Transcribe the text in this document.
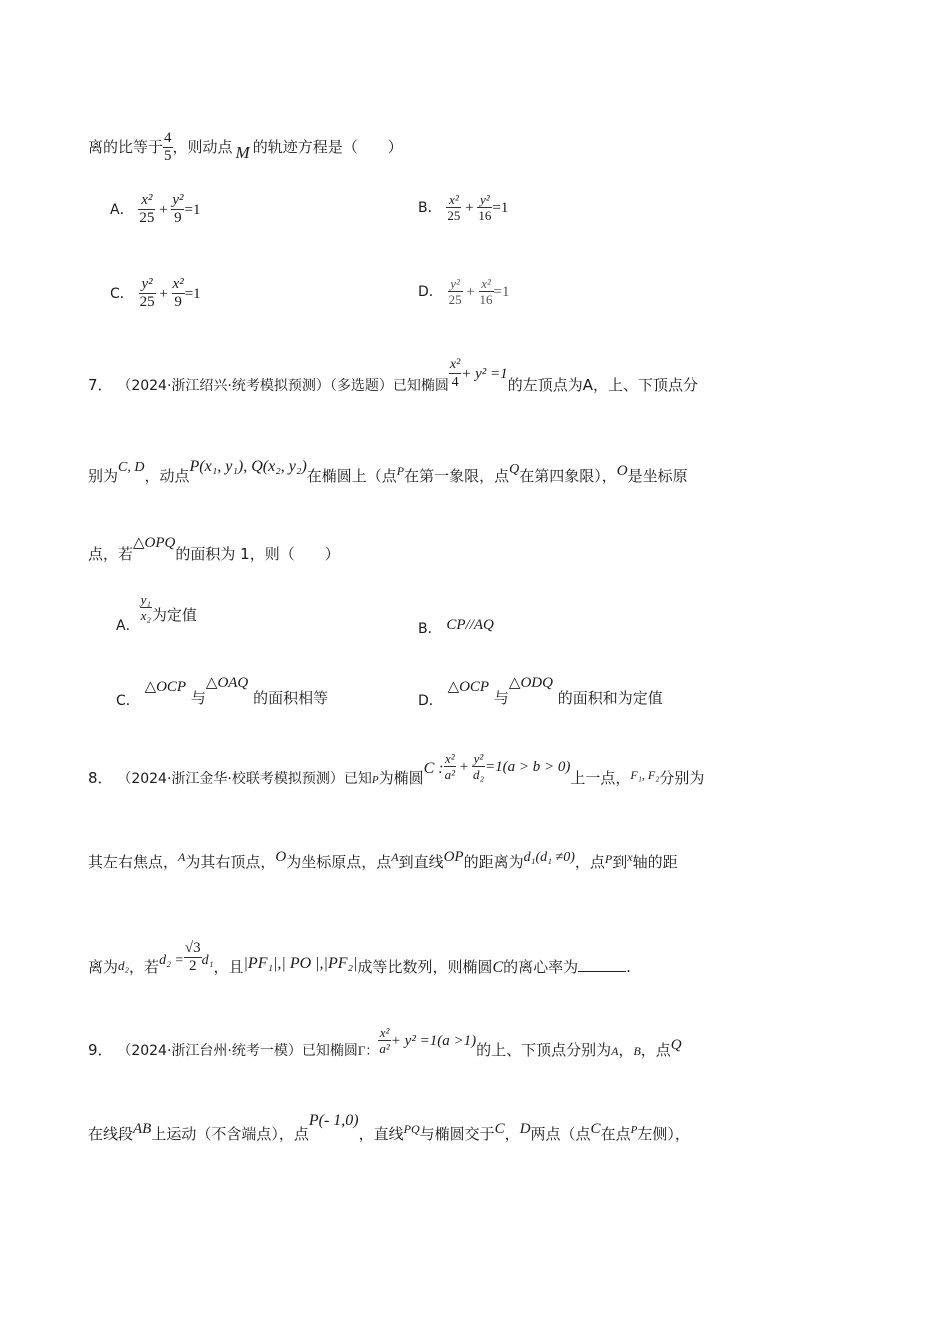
离的比等于 $\frac{4}{5}$ ，则动点 M 的轨迹方程是（　　）
A． $\frac{\text{x²}}{25} + \frac{\text{y²}}{9} =1$	B． $\frac{\text{x²}}{25} + \frac{\text{y²}}{16} =1$
C． $\frac{\text{y²}}{25} + \frac{\text{x²}}{9} =1$	D． $\frac{\text{y²}}{25} + \frac{\text{x²}}{16} =1$
7． （2024·浙江绍兴·统考模拟预测）（多选题）已知椭圆 $\frac{\text{x²}}{4} + y^2 =1$的左顶点为A，上、下顶点分
别为C, D，动点P(x₁, y₁), Q(x₂, y₂)在椭圆上（点$^P$在第一象限，点Q在第四象限），O是坐标原
点，若△OPQ的面积为 1，则（　　）
A．
$\frac{\text{y₁}}{\text{x₂}}$ 为定值
B． CP//AQ
C． △OCP 与△OAQ 的面积相等	D． △OCP 与△ODQ 的面积和为定值
8． （2024·浙江金华·校联考模拟预测）已知P为椭圆C : $\frac{\text{x²}}{\text{a²}} + \frac{\text{y²}}{\text{d₂}} =1(a > b > 0)$上一点，$^{F_1, F_2}$分别为
其左右焦点，$^A$为其右顶点，O为坐标原点，点$^A$到直线OP的距离为d₁(d₁ ≠0)，点$^P$到$^x$轴的距
离为d₂，若$d_2 = \frac{√3}{2} d_1$，且|PF₁|,| PO |,|PF₂|成等比数列，则椭圆C的离心率为	.
9． （2024·浙江台州·统考一模）已知椭圆Γ： $\frac{\text{x²}}{\text{a²}} + y^2 =1(a >1)$的上、下顶点分别为A，B，点Q
在线段AB上运动（不含端点），点P(- 1,0)，直线$^{PQ}$与椭圆交于C，D两点（点C在点$^P$左侧），
